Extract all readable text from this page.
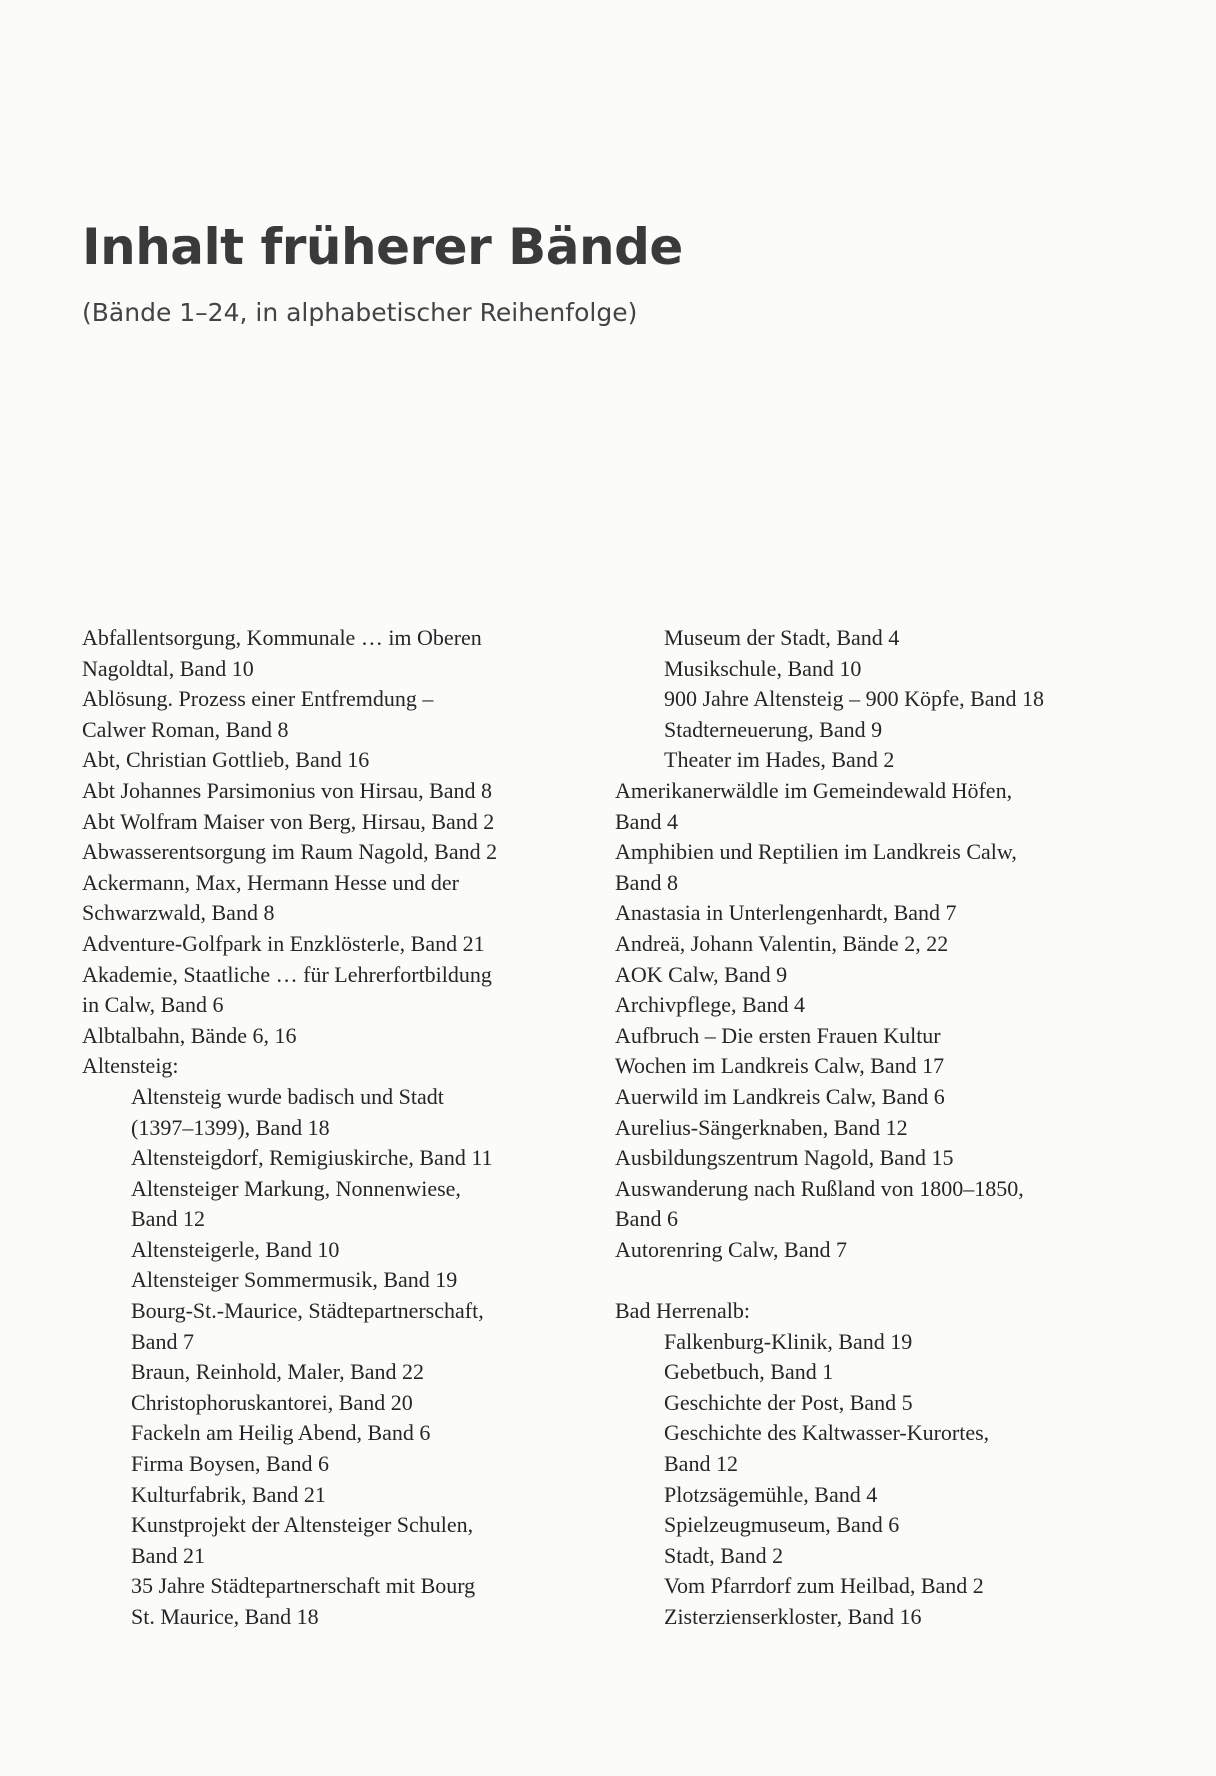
Inhalt früherer Bände

(Bände 1–24, in alphabetischer Reihenfolge)

Abfallentsorgung, Kommunale … im Oberen
Nagoldtal, Band 10
Ablösung. Prozess einer Entfremdung –
Calwer Roman, Band 8
Abt, Christian Gottlieb, Band 16
Abt Johannes Parsimonius von Hirsau, Band 8
Abt Wolfram Maiser von Berg, Hirsau, Band 2
Abwasserentsorgung im Raum Nagold, Band 2
Ackermann, Max, Hermann Hesse und der
Schwarzwald, Band 8
Adventure-Golfpark in Enzklösterle, Band 21
Akademie, Staatliche … für Lehrerfortbildung
in Calw, Band 6
Albtalbahn, Bände 6, 16
Altensteig:
Altensteig wurde badisch und Stadt
(1397–1399), Band 18
Altensteigdorf, Remigiuskirche, Band 11
Altensteiger Markung, Nonnenwiese,
Band 12
Altensteigerle, Band 10
Altensteiger Sommermusik, Band 19
Bourg-St.-Maurice, Städtepartnerschaft,
Band 7
Braun, Reinhold, Maler, Band 22
Christophoruskantorei, Band 20
Fackeln am Heilig Abend, Band 6
Firma Boysen, Band 6
Kulturfabrik, Band 21
Kunstprojekt der Altensteiger Schulen,
Band 21
35 Jahre Städtepartnerschaft mit Bourg
St. Maurice, Band 18
Museum der Stadt, Band 4
Musikschule, Band 10
900 Jahre Altensteig – 900 Köpfe, Band 18
Stadterneuerung, Band 9
Theater im Hades, Band 2
Amerikanerwäldle im Gemeindewald Höfen,
Band 4
Amphibien und Reptilien im Landkreis Calw,
Band 8
Anastasia in Unterlengenhardt, Band 7
Andreä, Johann Valentin, Bände 2, 22
AOK Calw, Band 9
Archivpflege, Band 4
Aufbruch – Die ersten Frauen Kultur
Wochen im Landkreis Calw, Band 17
Auerwild im Landkreis Calw, Band 6
Aurelius-Sängerknaben, Band 12
Ausbildungszentrum Nagold, Band 15
Auswanderung nach Rußland von 1800–1850,
Band 6
Autorenring Calw, Band 7
Bad Herrenalb:
Falkenburg-Klinik, Band 19
Gebetbuch, Band 1
Geschichte der Post, Band 5
Geschichte des Kaltwasser-Kurortes,
Band 12
Plotzsägemühle, Band 4
Spielzeugmuseum, Band 6
Stadt, Band 2
Vom Pfarrdorf zum Heilbad, Band 2
Zisterzienserkloster, Band 16
